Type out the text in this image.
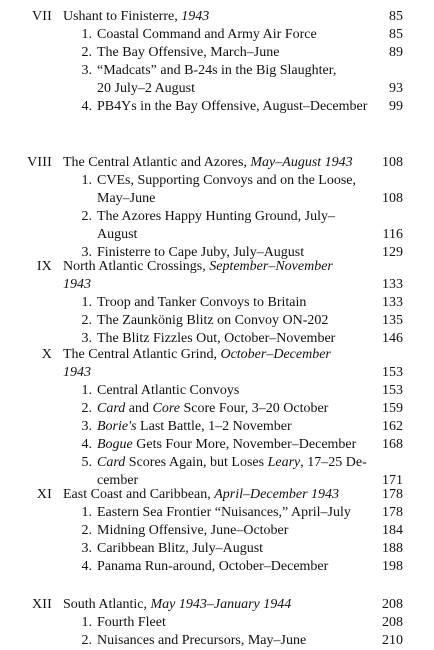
VII Ushant to Finisterre, 1943	85
1. Coastal Command and Army Air Force	85
2. The Bay Offensive, March–June	89
3. “Madcats” and B-24s in the Big Slaughter,
20 July–2 August	93
4. PB4Ys in the Bay Offensive, August–December 99
VIII The Central Atlantic and Azores, May–August 1943 108
1. CVEs, Supporting Convoys and on the Loose,
May–June	108
2. The Azores Happy Hunting Ground, July–
August	116
3. Finisterre to Cape Juby, July–August	129
IX North Atlantic Crossings, September–November
1943	133
1. Troop and Tanker Convoys to Britain	133
2. The Zaunkönig Blitz on Convoy ON-202	135
3. The Blitz Fizzles Out, October–November	146
X The Central Atlantic Grind, October–December
1943	153
1. Central Atlantic Convoys	153
2. Card and Core Score Four, 3–20 October	159
3. Borie's Last Battle, 1–2 November	162
4. Bogue Gets Four More, November–December 168
5. Card Scores Again, but Loses Leary, 17–25 De-
cember	171
XI East Coast and Caribbean, April–December 1943	178
1. Eastern Sea Frontier “Nuisances,” April–July 178
2. Midning Offensive, June–October	184
3. Caribbean Blitz, July–August	188
4. Panama Run-around, October–December	198
XII South Atlantic, May 1943–January 1944	208
1. Fourth Fleet	208
2. Nuisances and Precursors, May–June	210
